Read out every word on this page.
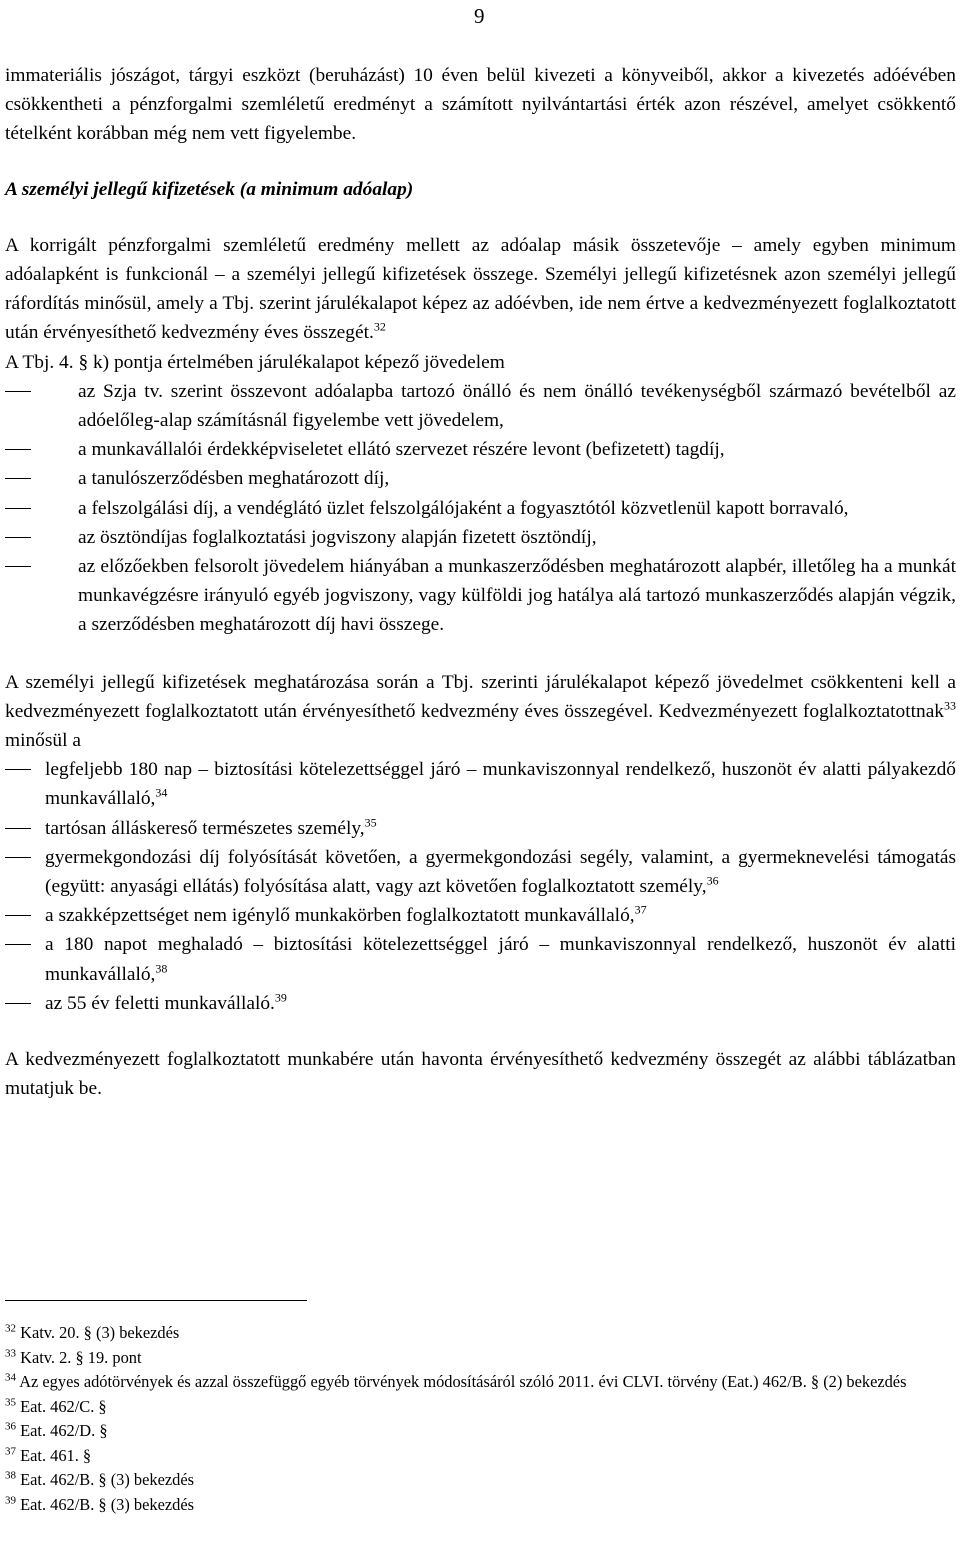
9

immateriális jószágot, tárgyi eszközt (beruházást) 10 éven belül kivezeti a könyveiből, akkor a kivezetés adóévében csökkentheti a pénzforgalmi szemléletű eredményt a számított nyilvántartási érték azon részével, amelyet csökkentő tételként korábban még nem vett figyelembe.

A személyi jellegű kifizetések (a minimum adóalap)

A korrigált pénzforgalmi szemléletű eredmény mellett az adóalap másik összetevője – amely egyben minimum adóalapként is funkcionál – a személyi jellegű kifizetések összege. Személyi jellegű kifizetésnek azon személyi jellegű ráfordítás minősül, amely a Tbj. szerint járulékalapot képez az adóévben, ide nem értve a kedvezményezett foglalkoztatott után érvényesíthető kedvezmény éves összegét.$^{32}$

A Tbj. 4. § k) pontja értelmében járulékalapot képező jövedelem

az Szja tv. szerint összevont adóalapba tartozó önálló és nem önálló tevékenységből származó bevételből az adóelőleg-alap számításnál figyelembe vett jövedelem,
a munkavállalói érdekképviseletet ellátó szervezet részére levont (befizetett) tagdíj,
a tanulószerződésben meghatározott díj,
a felszolgálási díj, a vendéglátó üzlet felszolgálójaként a fogyasztótól közvetlenül kapott borravaló,
az ösztöndíjas foglalkoztatási jogviszony alapján fizetett ösztöndíj,
az előzőekben felsorolt jövedelem hiányában a munkaszerződésben meghatározott alapbér, illetőleg ha a munkát munkavégzésre irányuló egyéb jogviszony, vagy külföldi jog hatálya alá tartozó munkaszerződés alapján végzik, a szerződésben meghatározott díj havi összege.

A személyi jellegű kifizetések meghatározása során a Tbj. szerinti járulékalapot képező jövedelmet csökkenteni kell a kedvezményezett foglalkoztatott után érvényesíthető kedvezmény éves összegével. Kedvezményezett foglalkoztatottnak$^{33}$ minősül a

legfeljebb 180 nap – biztosítási kötelezettséggel járó – munkaviszonnyal rendelkező, huszonöt év alatti pályakezdő munkavállaló,$^{34}$
tartósan álláskereső természetes személy,$^{35}$
gyermekgondozási díj folyósítását követően, a gyermekgondozási segély, valamint, a gyermeknevelési támogatás (együtt: anyasági ellátás) folyósítása alatt, vagy azt követően foglalkoztatott személy,$^{36}$
a szakképzettséget nem igénylő munkakörben foglalkoztatott munkavállaló,$^{37}$
a 180 napot meghaladó – biztosítási kötelezettséggel járó – munkaviszonnyal rendelkező, huszonöt év alatti munkavállaló,$^{38}$
az 55 év feletti munkavállaló.$^{39}$

A kedvezményezett foglalkoztatott munkabére után havonta érvényesíthető kedvezmény összegét az alábbi táblázatban mutatjuk be.

$^{32}$ Katv. 20. § (3) bekezdés

$^{33}$ Katv. 2. § 19. pont

$^{34}$ Az egyes adótörvények és azzal összefüggő egyéb törvények módosításáról szóló 2011. évi CLVI. törvény (Eat.) 462/B. § (2) bekezdés

$^{35}$ Eat. 462/C. §

$^{36}$ Eat. 462/D. §

$^{37}$ Eat. 461. §

$^{38}$ Eat. 462/B. § (3) bekezdés

$^{39}$ Eat. 462/B. § (3) bekezdés
